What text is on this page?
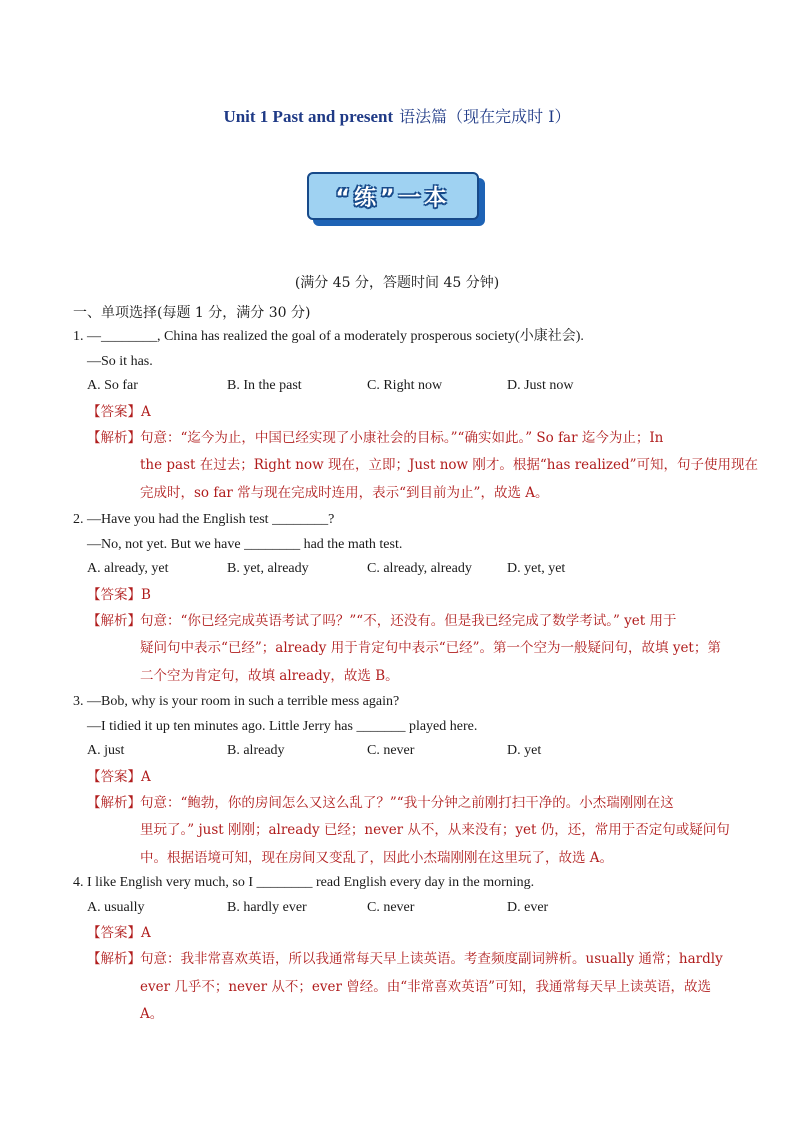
Unit 1 Past and present 语法篇（现在完成时 I）
“练”一本
(满分 45 分，答题时间 45 分钟)
一、单项选择(每题 1 分，满分 30 分)
1. —________, China has realized the goal of a moderately prosperous society(小康社会).
—So it has.
A. So far	B. In the past	C. Right now	D. Just now
【答案】A
【解析】 句意：“迄今为止，中国已经实现了小康社会的目标。”“确实如此。” So far 迄今为止；In
the past 在过去；Right now 现在，立即；Just now 刚才。根据“has realized”可知，句子使用现在
完成时，so far 常与现在完成时连用，表示“到目前为止”，故选 A。
2. —Have you had the English test ________?
—No, not yet. But we have ________ had the math test.
A. already, yet	B. yet, already	C. already, already	D. yet, yet
【答案】B
【解析】 句意：“你已经完成英语考试了吗？”“不，还没有。但是我已经完成了数学考试。” yet 用于
疑问句中表示“已经”；already 用于肯定句中表示“已经”。第一个空为一般疑问句，故填 yet；第
二个空为肯定句，故填 already，故选 B。
3. —Bob, why is your room in such a terrible mess again?
—I tidied it up ten minutes ago. Little Jerry has _______ played here.
A. just	B. already	C. never	D. yet
【答案】A
【解析】 句意：“鲍勃，你的房间怎么又这么乱了？”“我十分钟之前刚打扫干净的。小杰瑞刚刚在这
里玩了。” just 刚刚；already 已经；never 从不，从来没有；yet 仍，还，常用于否定句或疑问句
中。根据语境可知，现在房间又变乱了，因此小杰瑞刚刚在这里玩了，故选 A。
4. I like English very much, so I ________ read English every day in the morning.
A. usually	B. hardly ever	C. never	D. ever
【答案】A
【解析】 句意：我非常喜欢英语，所以我通常每天早上读英语。考查频度副词辨析。usually 通常；hardly
ever 几乎不；never 从不；ever 曾经。由“非常喜欢英语”可知，我通常每天早上读英语，故选
A。
